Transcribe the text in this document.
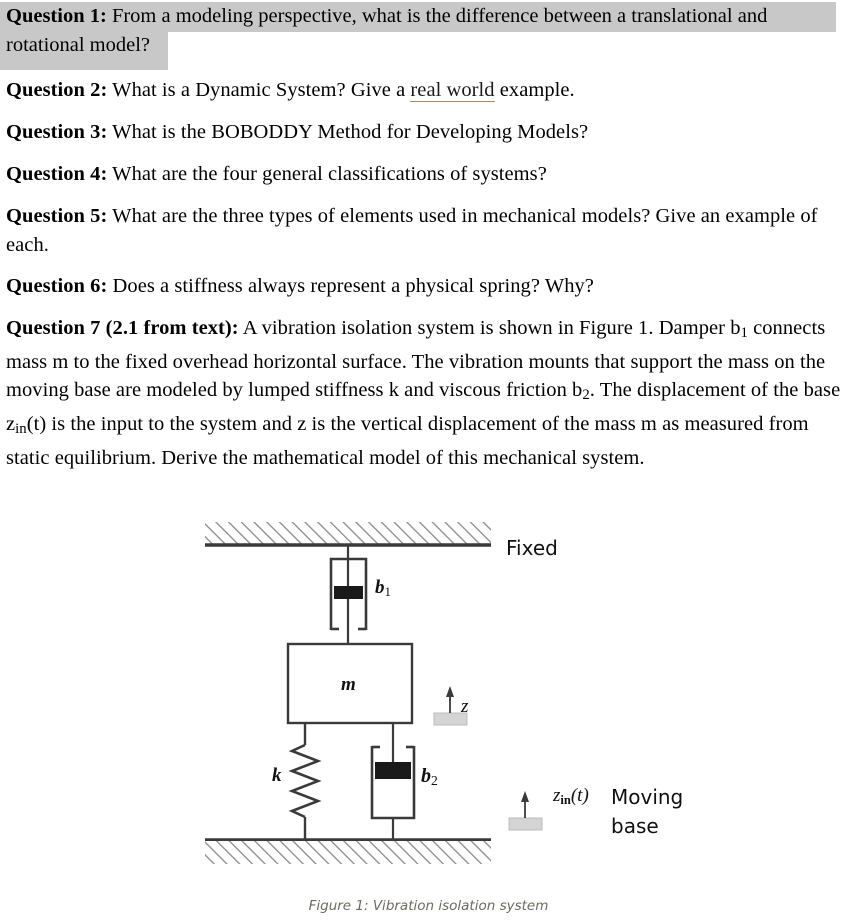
Question 1: From a modeling perspective, what is the difference between a translational and rotational model?
Question 2: What is a Dynamic System? Give a real world example.
Question 3: What is the BOBODDY Method for Developing Models?
Question 4: What are the four general classifications of systems?
Question 5: What are the three types of elements used in mechanical models? Give an example of each.
Question 6: Does a stiffness always represent a physical spring? Why?
Question 7 (2.1 from text): A vibration isolation system is shown in Figure 1. Damper $b_1$ connects mass m to the fixed overhead horizontal surface. The vibration mounts that support the mass on the moving base are modeled by lumped stiffness k and viscous friction $b_2$. The displacement of the base $z_{in}(t)$ is the input to the system and z is the vertical displacement of the mass m as measured from static equilibrium. Derive the mathematical model of this mechanical system.
Fixed
$b_1$
m
k	$b_2$
z
$z_{in}(t)$ Moving
base
Figure 1: Vibration isolation system
